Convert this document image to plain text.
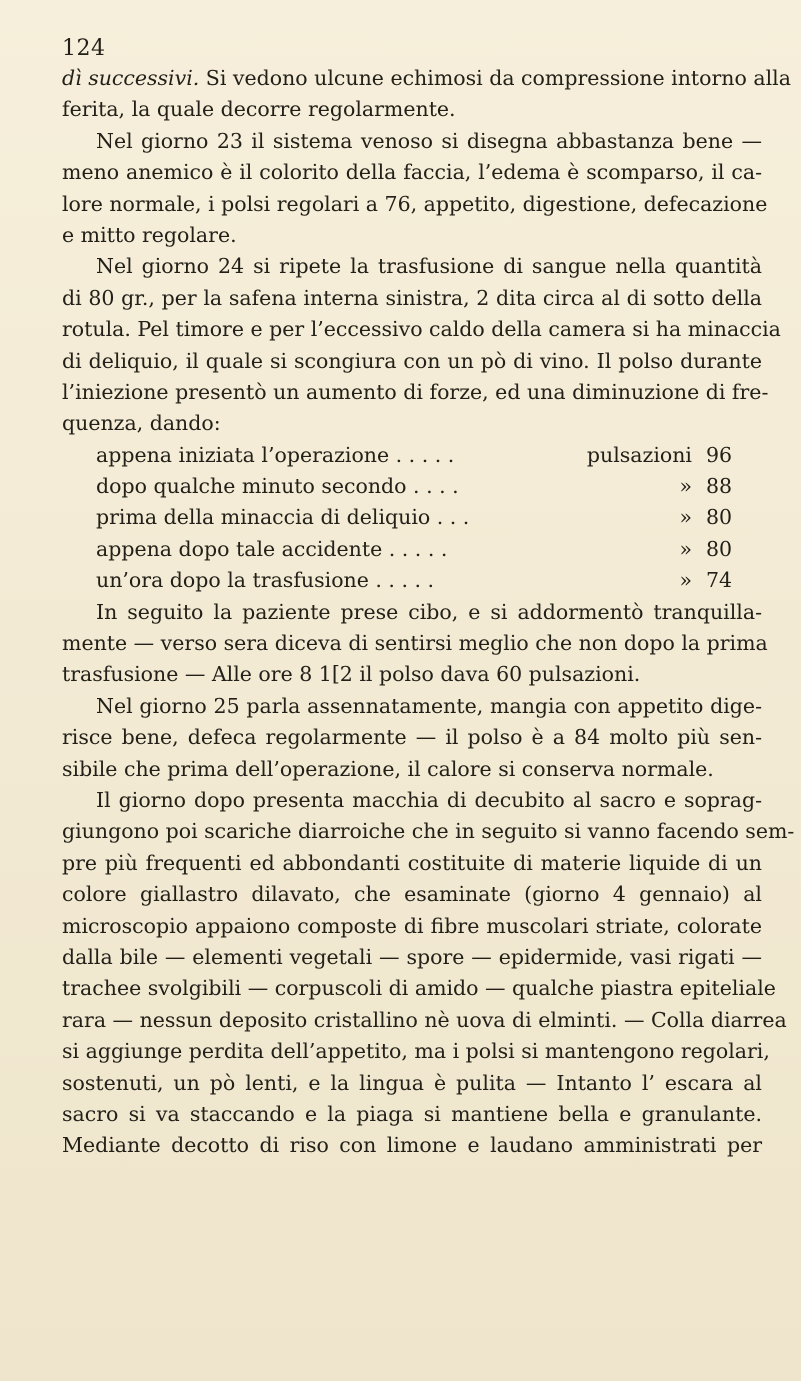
124
dì successivi. Si vedono ulcune echimosi da compressione intorno alla
ferita, la quale decorre regolarmente.
Nel giorno 23 il sistema venoso si disegna abbastanza bene —
meno anemico è il colorito della faccia, l’edema è scomparso, il ca-
lore normale, i polsi regolari a 76, appetito, digestione, defecazione
e mitto regolare.
Nel giorno 24 si ripete la trasfusione di sangue nella quantità
di 80 gr., per la safena interna sinistra, 2 dita circa al di sotto della
rotula. Pel timore e per l’eccessivo caldo della camera si ha minaccia
di deliquio, il quale si scongiura con un pò di vino. Il polso durante
l’iniezione presentò un aumento di forze, ed una diminuzione di fre-
quenza, dando:
appena iniziata l’operazione . . . . .	pulsazioni 96
dopo qualche minuto secondo . . . .	» 88
prima della minaccia di deliquio . . .	» 80
appena dopo tale accidente . . . . .	» 80
un’ora dopo la trasfusione . . . . .	» 74
In seguito la paziente prese cibo, e si addormentò tranquilla-
mente — verso sera diceva di sentirsi meglio che non dopo la prima
trasfusione — Alle ore 8 1[2 il polso dava 60 pulsazioni.
Nel giorno 25 parla assennatamente, mangia con appetito dige-
risce bene, defeca regolarmente — il polso è a 84 molto più sen-
sibile che prima dell’operazione, il calore si conserva normale.
Il giorno dopo presenta macchia di decubito al sacro e soprag-
giungono poi scariche diarroiche che in seguito si vanno facendo sem-
pre più frequenti ed abbondanti costituite di materie liquide di un
colore giallastro dilavato, che esaminate (giorno 4 gennaio) al
microscopio appaiono composte di fibre muscolari striate, colorate
dalla bile — elementi vegetali — spore — epidermide, vasi rigati —
trachee svolgibili — corpuscoli di amido — qualche piastra epiteliale
rara — nessun deposito cristallino nè uova di elminti. — Colla diarrea
si aggiunge perdita dell’appetito, ma i polsi si mantengono regolari,
sostenuti, un pò lenti, e la lingua è pulita — Intanto l’ escara al
sacro si va staccando e la piaga si mantiene bella e granulante.
Mediante decotto di riso con limone e laudano amministrati per
